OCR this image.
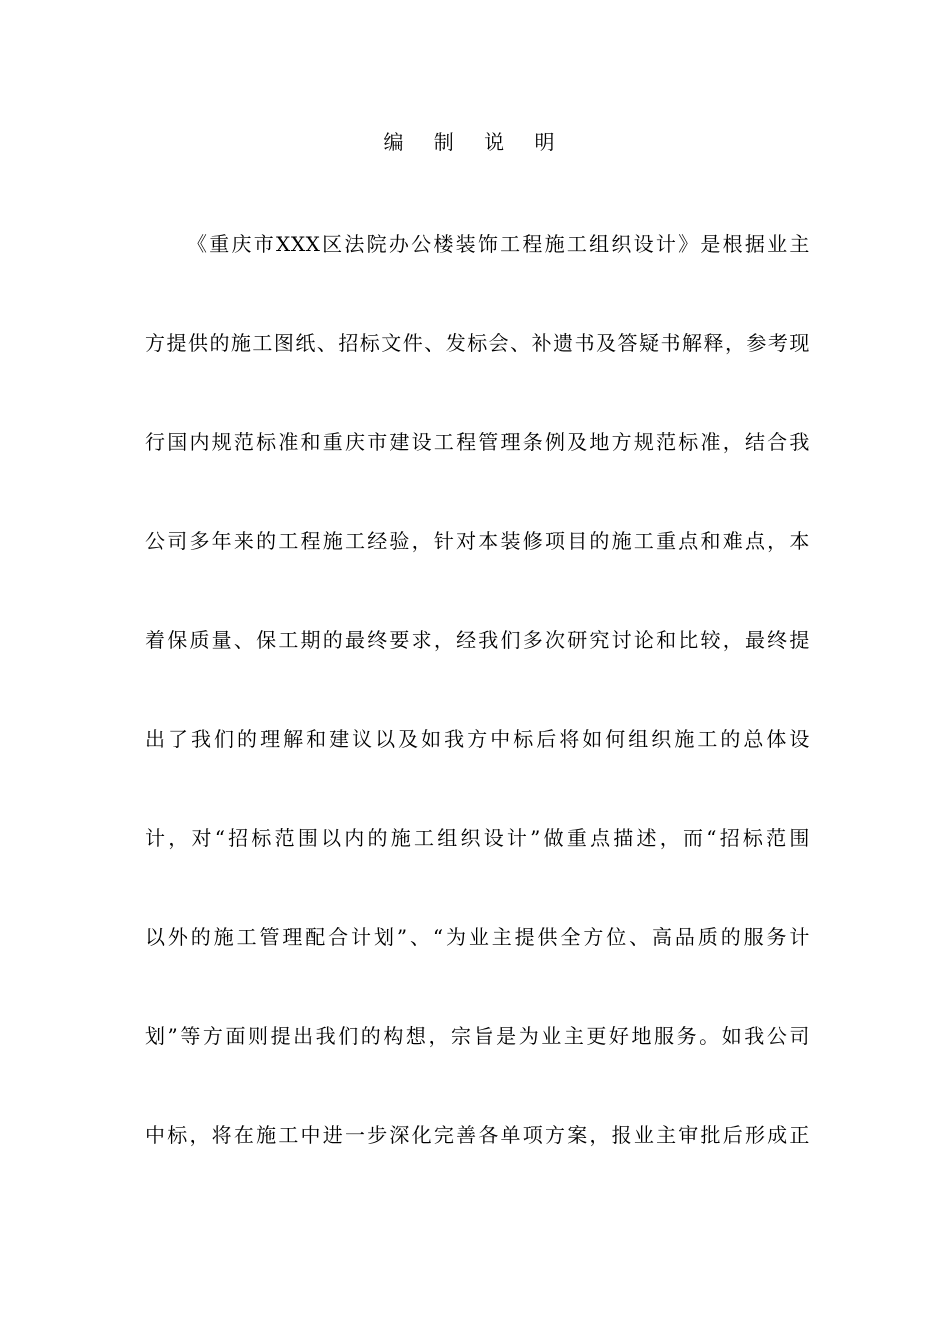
编 制 说 明
《重庆市XXX区法院办公楼装饰工程施工组织设计》是根据业主
方提供的施工图纸、招标文件、发标会、补遗书及答疑书解释，参考现
行国内规范标准和重庆市建设工程管理条例及地方规范标准，结合我
公司多年来的工程施工经验，针对本装修项目的施工重点和难点，本
着保质量、保工期的最终要求，经我们多次研究讨论和比较，最终提
出了我们的理解和建议以及如我方中标后将如何组织施工的总体设
计，对“招标范围以内的施工组织设计”做重点描述，而“招标范围
以外的施工管理配合计划”、“为业主提供全方位、高品质的服务计
划”等方面则提出我们的构想，宗旨是为业主更好地服务。如我公司
中标，将在施工中进一步深化完善各单项方案，报业主审批后形成正
